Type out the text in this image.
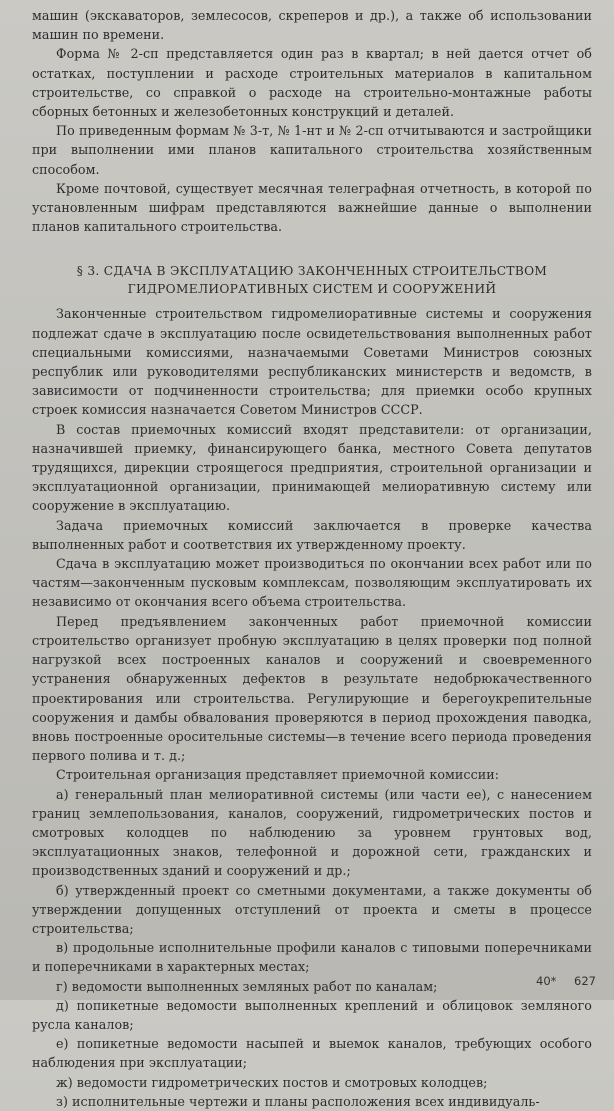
машин (экскаваторов, землесосов, скреперов и др.), а также об использовании машин по времени.

Форма № 2-сп представляется один раз в квартал; в ней дается отчет об остатках, поступлении и расходе строительных материалов в капитальном строительстве, со справкой о расходе на строительно-монтажные работы сборных бетонных и железобетонных конструкций и деталей.

По приведенным формам № 3-т, № 1-нт и № 2-сп отчитываются и застройщики при выполнении ими планов капитального строительства хозяйственным способом.

Кроме почтовой, существует месячная телеграфная отчетность, в которой по установленным шифрам представляются важнейшие данные о выполнении планов капитального строительства.

§ 3. СДАЧА В ЭКСПЛУАТАЦИЮ ЗАКОНЧЕННЫХ СТРОИТЕЛЬСТВОМ
ГИДРОМЕЛИОРАТИВНЫХ СИСТЕМ И СООРУЖЕНИЙ

Законченные строительством гидромелиоративные системы и сооружения подлежат сдаче в эксплуатацию после освидетельствования выполненных работ специальными комиссиями, назначаемыми Советами Министров союзных республик или руководителями республиканских министерств и ведомств, в зависимости от подчиненности строительства; для приемки особо крупных строек комиссия назначается Советом Министров СССР.

В состав приемочных комиссий входят представители: от организации, назначившей приемку, финансирующего банка, местного Совета депутатов трудящихся, дирекции строящегося предприятия, строительной организации и эксплуатационной организации, принимающей мелиоративную систему или сооружение в эксплуатацию.

Задача приемочных комиссий заключается в проверке качества выполненных работ и соответствия их утвержденному проекту.

Сдача в эксплуатацию может производиться по окончании всех работ или по частям—законченным пусковым комплексам, позволяющим эксплуатировать их независимо от окончания всего объема строительства.

Перед предъявлением законченных работ приемочной комиссии строительство организует пробную эксплуатацию в целях проверки под полной нагрузкой всех построенных каналов и сооружений и своевременного устранения обнаруженных дефектов в результате недобрюкачественного проектирования или строительства. Регулирующие и берегоукрепительные сооружения и дамбы обвалования проверяются в период прохождения паводка, вновь построенные оросительные системы—в течение всего периода проведения первого полива и т. д.;

Строительная организация представляет приемочной комиссии:

а) генеральный план мелиоративной системы (или части ее), с нанесением границ землепользования, каналов, сооружений, гидрометрических постов и смотровых колодцев по наблюдению за уровнем грунтовых вод, эксплуатационных знаков, телефонной и дорожной сети, гражданских и производственных зданий и сооружений и др.;

б) утвержденный проект со сметными документами, а также документы об утверждении допущенных отступлений от проекта и сметы в процессе строительства;

в) продольные исполнительные профили каналов с типовыми поперечниками и поперечниками в характерных местах;

г) ведомости выполненных земляных работ по каналам;

д) попикетные ведомости выполненных креплений и облицовок земляного русла каналов;

е) попикетные ведомости насыпей и выемок каналов, требующих особого наблюдения при эксплуатации;

ж) ведомости гидрометрических постов и смотровых колодцев;

з) исполнительные чертежи и планы расположения всех индивидуаль-

40* 627
